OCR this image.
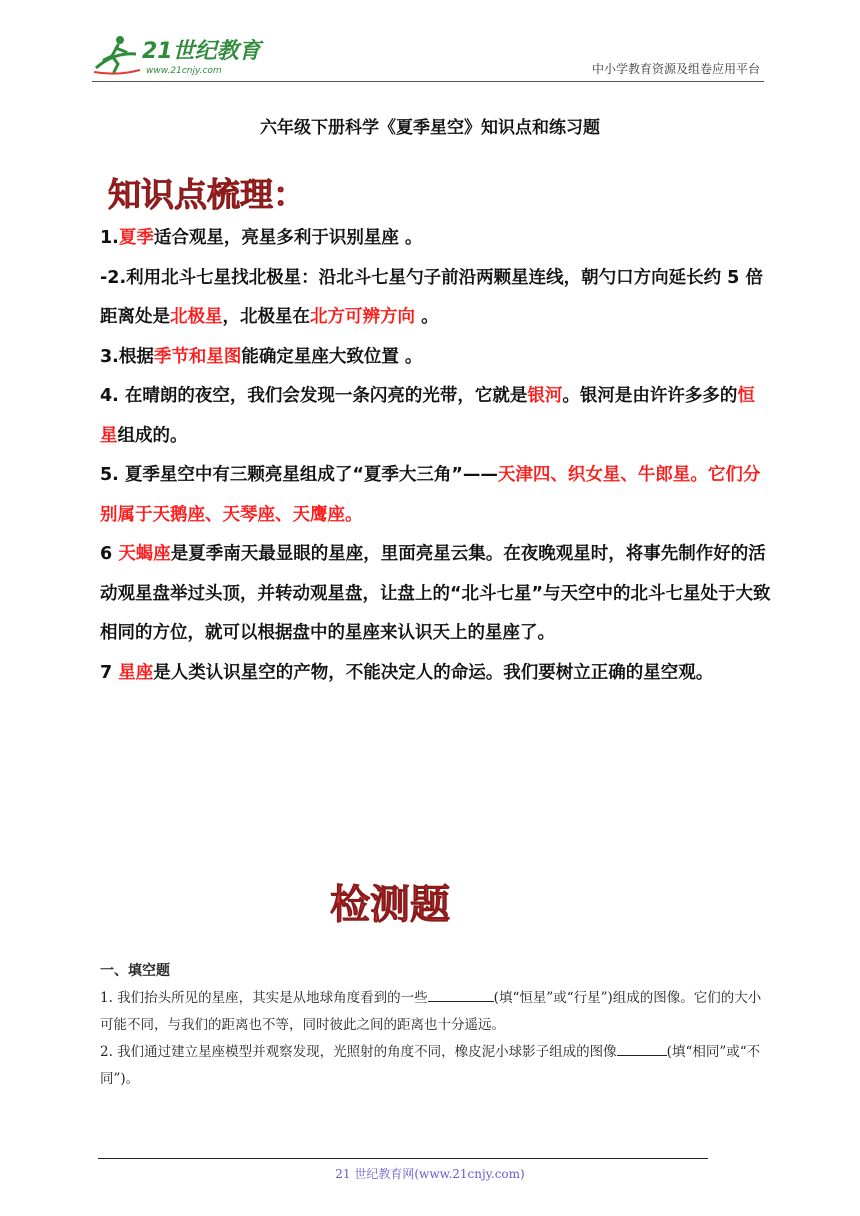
21世纪教育
www.21cnjy.com	中小学教育资源及组卷应用平台
六年级下册科学《夏季星空》知识点和练习题
知识点梳理：

1.夏季适合观星，亮星多利于识别星座 。

-2.利用北斗七星找北极星：沿北斗七星勺子前沿两颗星连线，朝勺口方向延长约 5 倍距离处是北极星，北极星在北方可辨方向 。

3.根据季节和星图能确定星座大致位置 。

4. 在晴朗的夜空，我们会发现一条闪亮的光带，它就是银河。银河是由许许多多的恒星组成的。

5. 夏季星空中有三颗亮星组成了“夏季大三角”——天津四、织女星、牛郎星。它们分别属于天鹅座、天琴座、天鹰座。

6 天蝎座是夏季南天最显眼的星座，里面亮星云集。在夜晚观星时，将事先制作好的活动观星盘举过头顶，并转动观星盘，让盘上的“北斗七星”与天空中的北斗七星处于大致相同的方位，就可以根据盘中的星座来认识天上的星座了。

7 星座是人类认识星空的产物，不能决定人的命运。我们要树立正确的星空观。

检测题

一、填空题

1. 我们抬头所见的星座，其实是从地球角度看到的一些	(填“恒星”或“行星”)组成的图像。它们的大小可能不同，与我们的距离也不等，同时彼此之间的距离也十分遥远。

2. 我们通过建立星座模型并观察发现，光照射的角度不同，橡皮泥小球影子组成的图像	(填“相同”或“不同”)。

21 世纪教育网(www.21cnjy.com)
